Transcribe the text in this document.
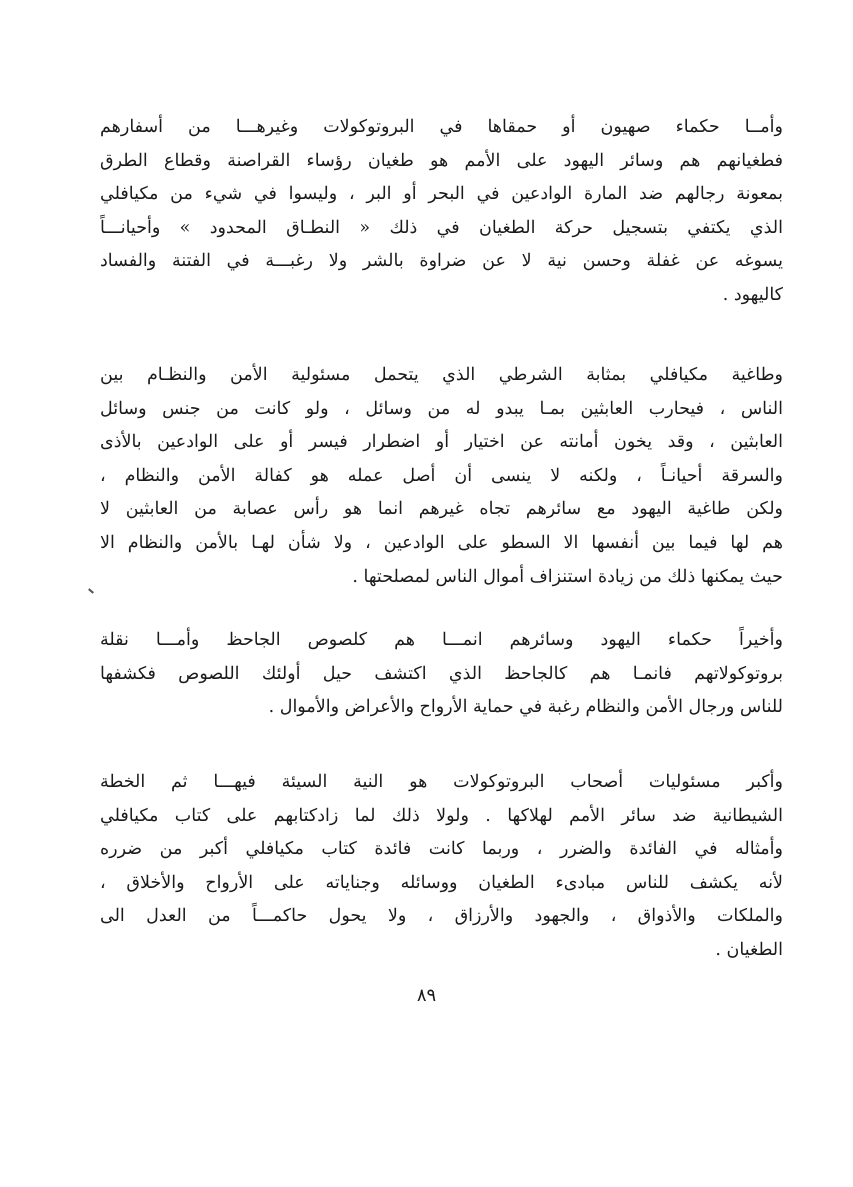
وأمــا حكماء صهيون أو حمقاها في البروتوكولات وغيرهـــا من أسفارهم
فطغيانهم هم وسائر اليهود على الأمم هو طغيان رؤساء القراصنة وقطاع الطرق
بمعونة رجالهم ضد المارة الوادعين في البحر أو البر ، وليسوا في شيء من مكيافلي
الذي يكتفي بتسجيل حركة الطغيان في ذلك « النطـاق المحدود » وأحيانـــاً
يسوغه عن غفلة وحسن نية لا عن ضراوة بالشر ولا رغبـــة في الفتنة والفساد
كاليهود .
وطاغية مكيافلي بمثابة الشرطي الذي يتحمل مسئولية الأمن والنظـام بين
الناس ، فيحارب العابثين بمـا يبدو له من وسائل ، ولو كانت من جنس وسائل
العابثين ، وقد يخون أمانته عن اختيار أو اضطرار فيسر أو على الوادعين بالأذى
والسرقة أحيانـاً ، ولكنه لا ينسى أن أصل عمله هو كفالة الأمن والنظام ،
ولكن طاغية اليهود مع سائرهم تجاه غيرهم انما هو رأس عصابة من العابثين لا
هم لها فيما بين أنفسها الا السطو على الوادعين ، ولا شأن لهـا بالأمن والنظام الا
حيث يمكنها ذلك من زيادة استنزاف أموال الناس لمصلحتها .
وأخيراً حكماء اليهود وسائرهم انمـــا هم كلصوص الجاحظ وأمـــا نقلة
بروتوكولاتهم فانمـا هم كالجاحظ الذي اكتشف حيل أولئك اللصوص فكشفها
للناس ورجال الأمن والنظام رغبة في حماية الأرواح والأعراض والأموال .
وأكبر مسئوليات أصحاب البروتوكولات هو النية السيئة فيهـــا ثم الخطة
الشيطانية ضد سائر الأمم لهلاكها . ولولا ذلك لما زادكتابهم على كتاب مكيافلي
وأمثاله في الفائدة والضرر ، وربما كانت فائدة كتاب مكيافلي أكبر من ضرره
لأنه يكشف للناس مبادىء الطغيان ووسائله وجناياته على الأرواح والأخلاق ،
والملكات والأذواق ، والجهود والأرزاق ، ولا يحول حاكمـــاً من العدل الى
الطغيان .
٨٩
